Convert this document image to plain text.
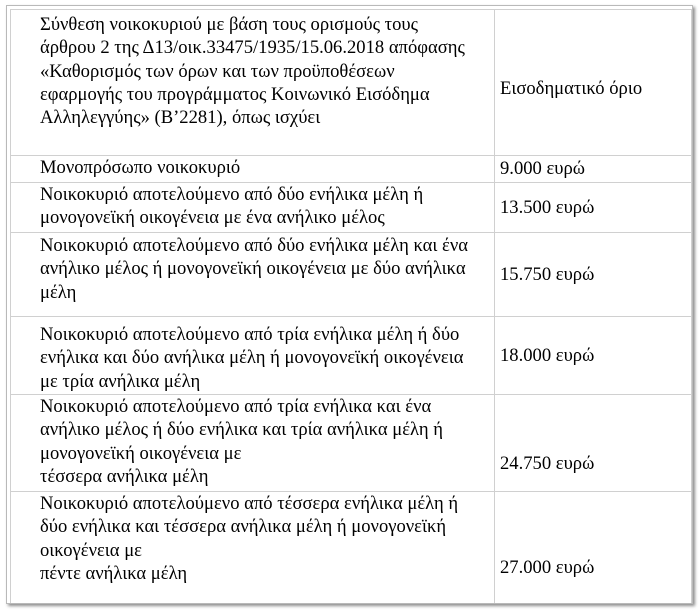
Σύνθεση νοικοκυριού με βάση τους ορισμούς τους
άρθρου 2 της Δ13/οικ.33475/1935/15.06.2018 απόφασης
«Καθορισμός των όρων και των προϋποθέσεων
εφαρμογής του προγράμματος Κοινωνικό Εισόδημα
Αλληλεγγύης» (Β’2281), όπως ισχύει	Εισοδηματικό όριο
Μονοπρόσωπο νοικοκυριό	9.000 ευρώ
Νοικοκυριό αποτελούμενο από δύο ενήλικα μέλη ή
μονογονεϊκή οικογένεια με ένα ανήλικο μέλος	13.500 ευρώ
Νοικοκυριό αποτελούμενο από δύο ενήλικα μέλη και ένα
ανήλικο μέλος ή μονογονεϊκή οικογένεια με δύο ανήλικα
μέλη	15.750 ευρώ
Νοικοκυριό αποτελούμενο από τρία ενήλικα μέλη ή δύο
ενήλικα και δύο ανήλικα μέλη ή μονογονεϊκή οικογένεια
με τρία ανήλικα μέλη	18.000 ευρώ
Νοικοκυριό αποτελούμενο από τρία ενήλικα και ένα
ανήλικο μέλος ή δύο ενήλικα και τρία ανήλικα μέλη ή
μονογονεϊκή οικογένεια με
τέσσερα ανήλικα μέλη	24.750 ευρώ
Νοικοκυριό αποτελούμενο από τέσσερα ενήλικα μέλη ή
δύο ενήλικα και τέσσερα ανήλικα μέλη ή μονογονεϊκή
οικογένεια με
πέντε ανήλικα μέλη	27.000 ευρώ
